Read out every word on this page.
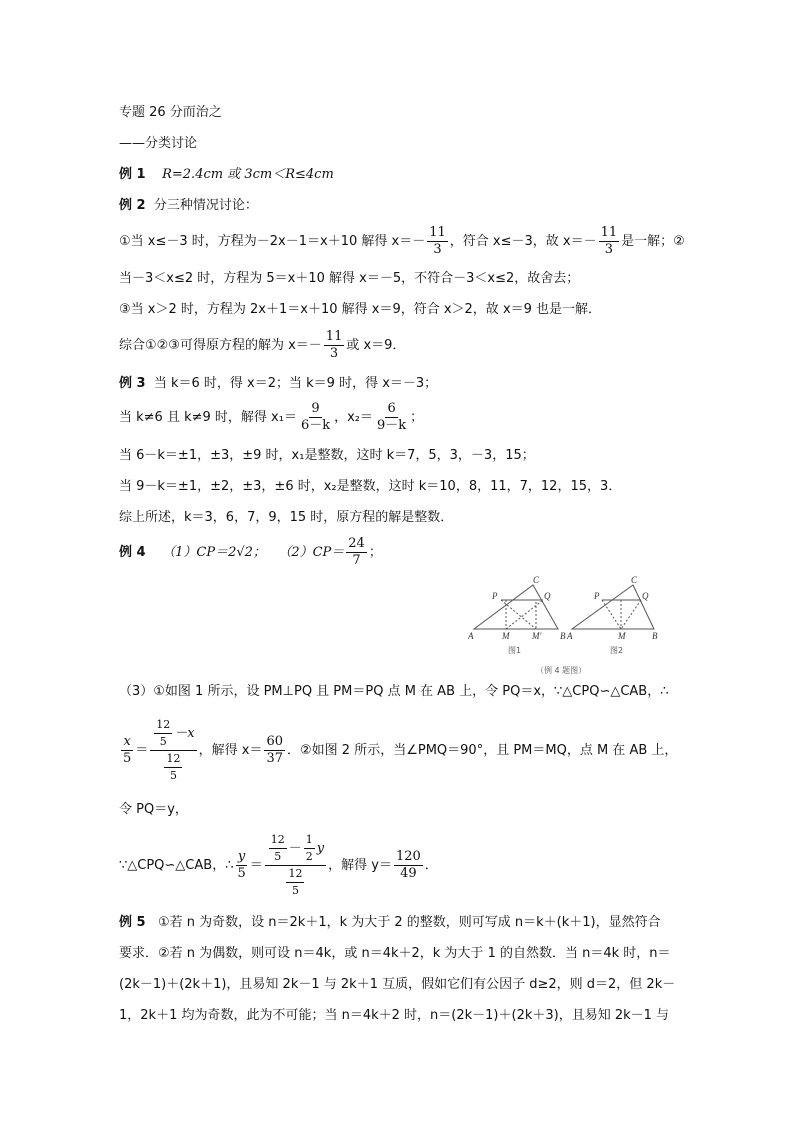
专题 26 分而治之
——分类讨论
例 1 R=2.4cm 或 3cm＜R≤4cm
例 2 分三种情况讨论：
①当 x≤－3 时，方程为－2x－1＝x＋10 解得 $x=- \frac{11}{3}$ ，符合 x≤－3，故 $x=- \frac{11}{3}$ 是一解；②
当－3＜x≤2 时，方程为 5＝x＋10 解得 x＝－5，不符合－3＜x≤2，故舍去；
③当 x＞2 时，方程为 2x＋1＝x＋10 解得 x＝9，符合 x＞2，故 x＝9 也是一解．
综合①②③可得原方程的解为 $x=- \frac{11}{3}$ 或 x＝9．
例 3 当 k＝6 时，得 x＝2；当 k＝9 时，得 x＝－3；
当 k≠6 且 k≠9 时，解得 $x_1= \frac{9}{6-k}$ ，$x_2= \frac{6}{9-k}$ ；
当 6－k＝±1，±3，±9 时，x₁是整数，这时 k＝7，5，3，－3，15；
当 9－k＝±1，±2，±3，±6 时，x₂是整数，这时 k＝10，8，11，7，12，15，3．
综上所述，k＝3，6，7，9，15 时，原方程的解是整数．
例 4 （1）CP＝2√2； $(2)CP= \frac{24}{7}$ ；
A	B
C
P	Q
M	M′	A	B
C
P	Q
M
图1	图2
（例 4 题图）
（3）①如图 1 所示，设 PM⊥PQ 且 PM＝PQ 点 M 在 AB 上，令 PQ＝x，∵△CPQ∽△CAB，∴
$\frac{x}{5} = \frac{\frac{12}{5} -x}{\frac{12}{5}}$ ，解得 $x= \frac{60}{37}$ ．②如图 2 所示，当∠PMQ＝90°，且 PM＝MQ，点 M 在 AB 上，
令 PQ＝y，
∵△CPQ∽△CAB，∴ $\frac{y}{5} = \frac{\frac{12}{5} - \frac{1}{2} y}{\frac{12}{5}}$ ，解得 $y= \frac{120}{49}$ ．
例 5 ①若 n 为奇数，设 n＝2k＋1，k 为大于 2 的整数，则可写成 n＝k＋(k＋1)，显然符合
要求．②若 n 为偶数，则可设 n＝4k，或 n＝4k＋2，k 为大于 1 的自然数．当 n＝4k 时，n＝
(2k－1)＋(2k＋1)，且易知 2k－1 与 2k＋1 互质，假如它们有公因子 d≥2，则 d＝2，但 2k－
1，2k＋1 均为奇数，此为不可能；当 n＝4k＋2 时，n＝(2k－1)＋(2k＋3)，且易知 2k－1 与
